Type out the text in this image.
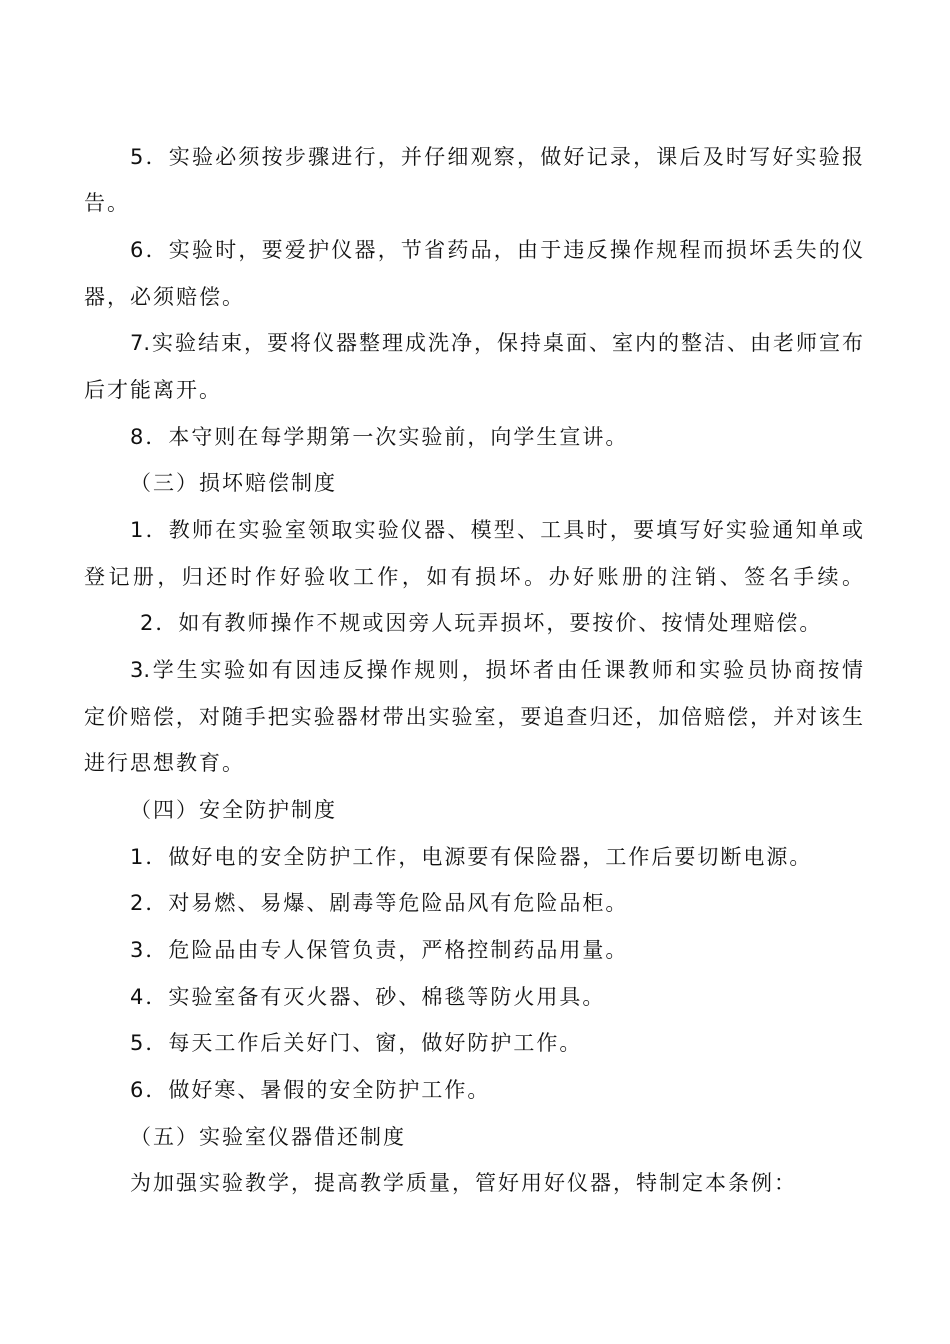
5．实验必须按步骤进行，并仔细观察，做好记录，课后及时写好实验报
告。
6．实验时，要爱护仪器，节省药品，由于违反操作规程而损坏丢失的仪
器，必须赔偿。
7.实验结束，要将仪器整理成洗净，保持桌面、室内的整洁、由老师宣布
后才能离开。
8．本守则在每学期第一次实验前，向学生宣讲。
（三）损坏赔偿制度
1．教师在实验室领取实验仪器、模型、工具时，要填写好实验通知单或
登记册，归还时作好验收工作，如有损坏。办好账册的注销、签名手续。
2．如有教师操作不规或因旁人玩弄损坏，要按价、按情处理赔偿。
3.学生实验如有因违反操作规则，损坏者由任课教师和实验员协商按情
定价赔偿，对随手把实验器材带出实验室，要追查归还，加倍赔偿，并对该生
进行思想教育。
（四）安全防护制度
1．做好电的安全防护工作，电源要有保险器，工作后要切断电源。
2．对易燃、易爆、剧毒等危险品风有危险品柜。
3．危险品由专人保管负责，严格控制药品用量。
4．实验室备有灭火器、砂、棉毯等防火用具。
5．每天工作后关好门、窗，做好防护工作。
6．做好寒、暑假的安全防护工作。
（五）实验室仪器借还制度
为加强实验教学，提高教学质量，管好用好仪器，特制定本条例：
